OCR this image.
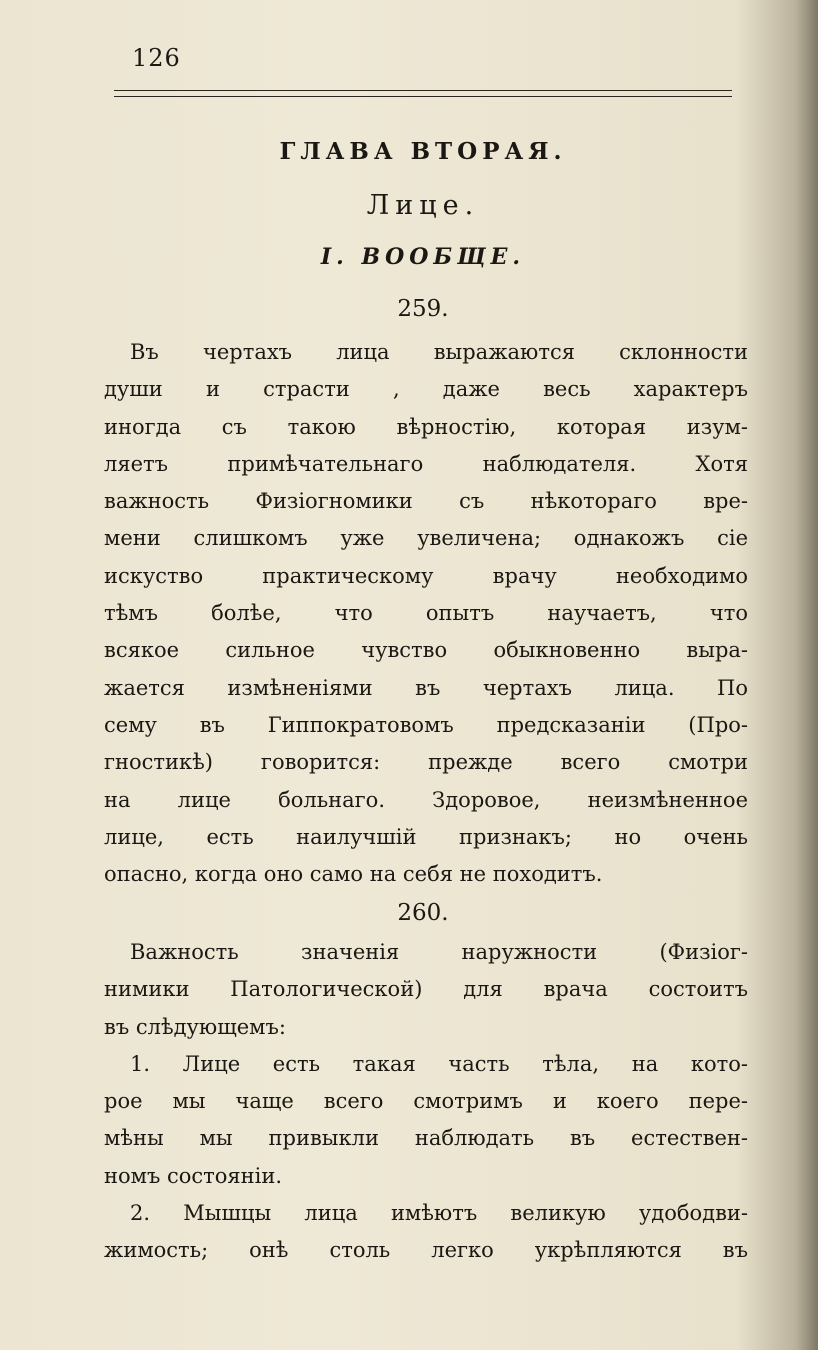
126
ГЛАВА ВТОРАЯ.
Лице.
I. ВООБЩЕ.
259.
Въ чертахъ лица выражаются склонности
души и страсти , даже весь характеръ
иногда съ такою вѣрностію, которая изум-
ляетъ примѣчательнаго наблюдателя. Хотя
важность Физіогномики съ нѣкотораго вре-
мени слишкомъ уже увеличена; однакожъ сіе
искуство практическому врачу необходимо
тѣмъ болѣе, что опытъ научаетъ, что
всякое сильное чувство обыкновенно выра-
жается измѣненіями въ чертахъ лица. По
сему въ Гиппократовомъ предсказаніи (Про-
гностикѣ) говорится: прежде всего смотри
на лице больнаго. Здоровое, неизмѣненное
лице, есть наилучшій признакъ; но очень
опасно, когда оно само на себя не походитъ.
260.
Важность значенія наружности (Физіог-
нимики Патологической) для врача состоитъ
въ слѣдующемъ:
1. Лице есть такая часть тѣла, на кото-
рое мы чаще всего смотримъ и коего пере-
мѣны мы привыкли наблюдать въ естествен-
номъ состояніи.
2. Мышцы лица имѣютъ великую удободви-
жимость; онѣ столь легко укрѣпляются въ
